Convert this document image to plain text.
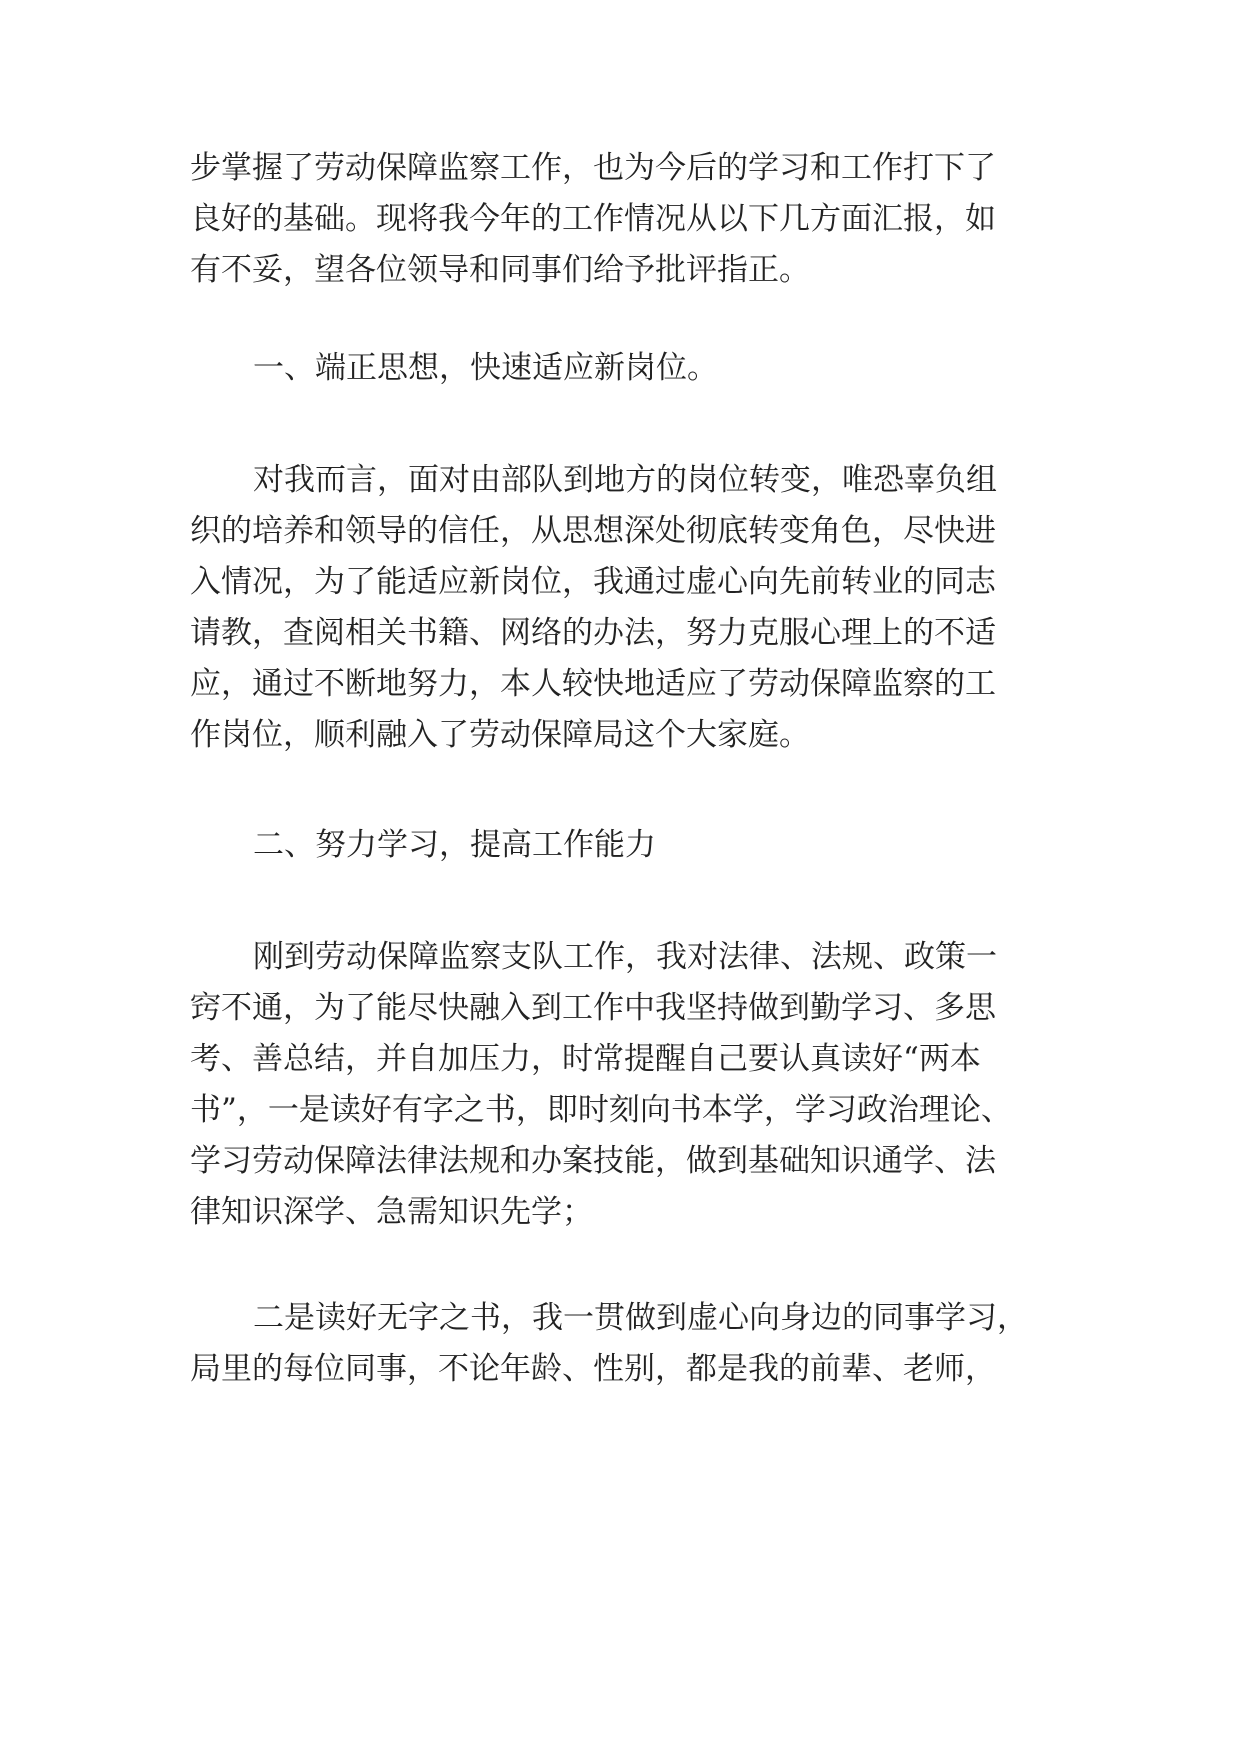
步掌握了劳动保障监察工作，也为今后的学习和工作打下了
良好的基础。现将我今年的工作情况从以下几方面汇报，如
有不妥，望各位领导和同事们给予批评指正。

一、端正思想，快速适应新岗位。

对我而言，面对由部队到地方的岗位转变，唯恐辜负组
织的培养和领导的信任，从思想深处彻底转变角色，尽快进
入情况，为了能适应新岗位，我通过虚心向先前转业的同志
请教，查阅相关书籍、网络的办法，努力克服心理上的不适
应，通过不断地努力，本人较快地适应了劳动保障监察的工
作岗位，顺利融入了劳动保障局这个大家庭。

二、努力学习，提高工作能力

刚到劳动保障监察支队工作，我对法律、法规、政策一
窍不通，为了能尽快融入到工作中我坚持做到勤学习、多思
考、善总结，并自加压力，时常提醒自己要认真读好“两本
书”，一是读好有字之书，即时刻向书本学，学习政治理论、
学习劳动保障法律法规和办案技能，做到基础知识通学、法
律知识深学、急需知识先学；

二是读好无字之书，我一贯做到虚心向身边的同事学习，
局里的每位同事，不论年龄、性别，都是我的前辈、老师，
